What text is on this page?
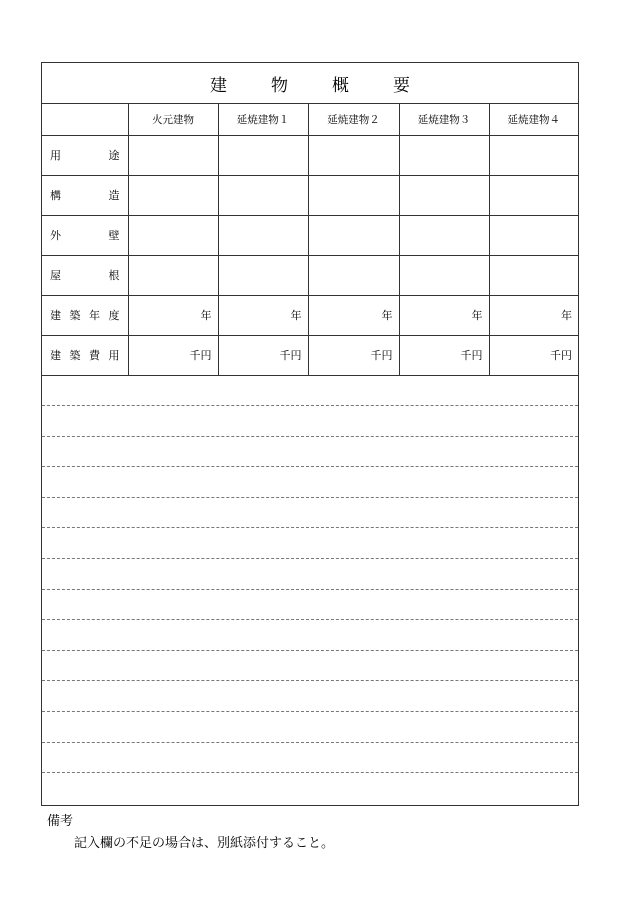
建	物	概	要
	火元建物	延焼建物１	延焼建物２	延焼建物３	延焼建物４

用 途					

構 造					

外 壁					

屋 根					

建 築 年 度	年	年	年	年	年

建 築 費 用	千円	千円	千円	千円	千円
備考
記入欄の不足の場合は、別紙添付すること。
